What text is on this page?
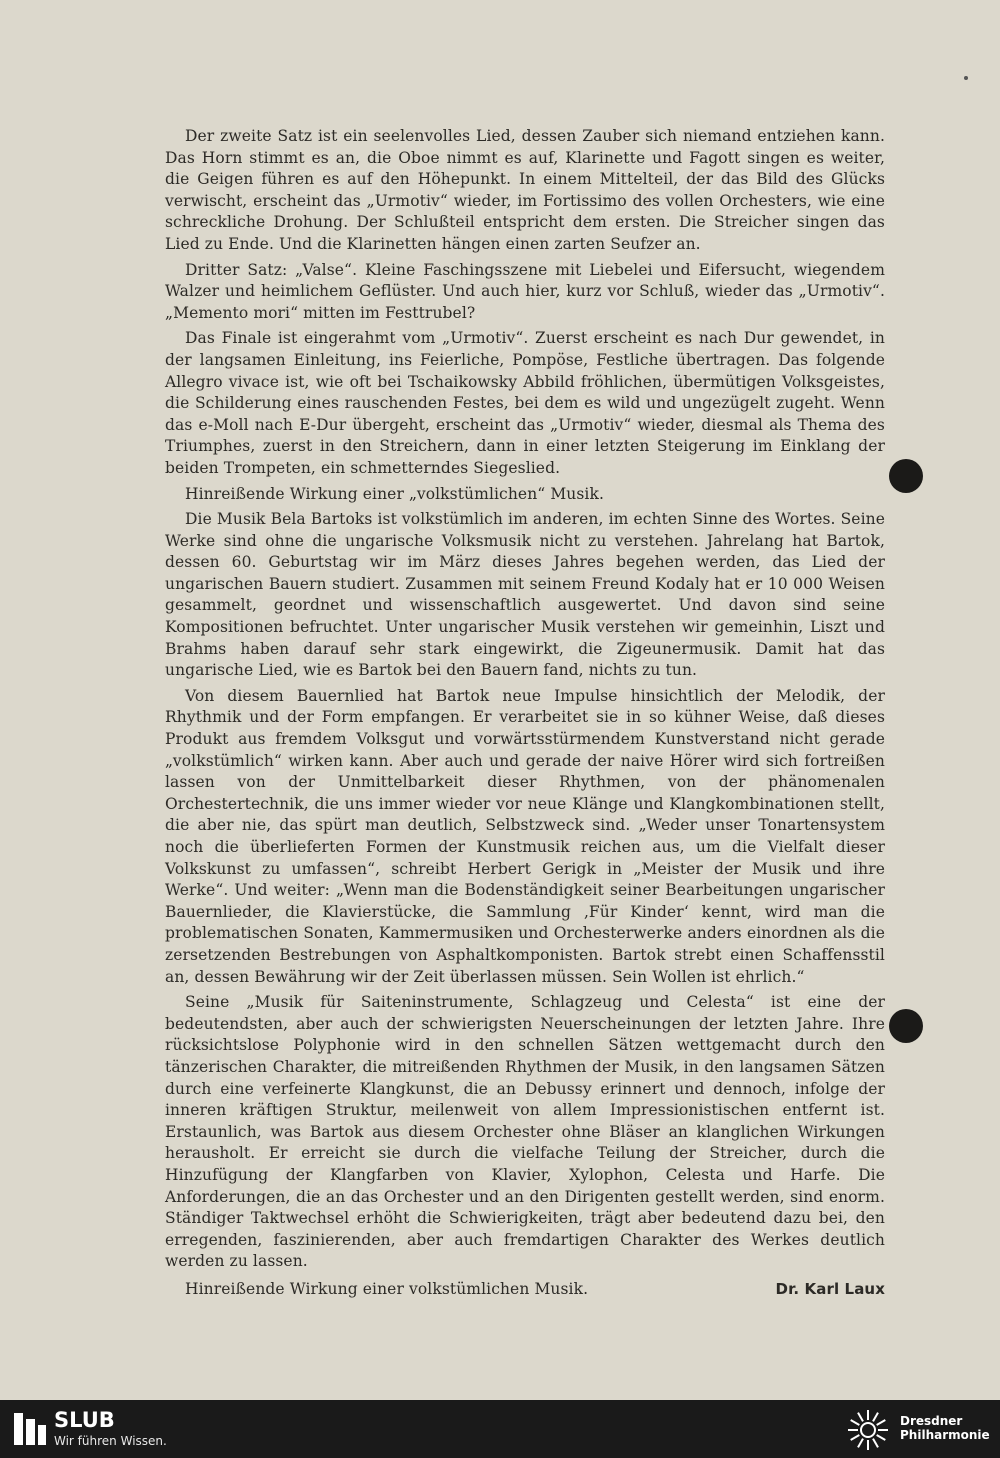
Der zweite Satz ist ein seelenvolles Lied, dessen Zauber sich niemand entziehen kann. Das Horn stimmt es an, die Oboe nimmt es auf, Klarinette und Fagott singen es weiter, die Geigen führen es auf den Höhepunkt. In einem Mittelteil, der das Bild des Glücks verwischt, erscheint das „Urmotiv“ wieder, im Fortissimo des vollen Orchesters, wie eine schreckliche Drohung. Der Schlußteil entspricht dem ersten. Die Streicher singen das Lied zu Ende. Und die Klarinetten hängen einen zarten Seufzer an.

Dritter Satz: „Valse“. Kleine Faschingsszene mit Liebelei und Eifersucht, wiegendem Walzer und heimlichem Geflüster. Und auch hier, kurz vor Schluß, wieder das „Urmotiv“. „Memento mori“ mitten im Festtrubel?

Das Finale ist eingerahmt vom „Urmotiv“. Zuerst erscheint es nach Dur gewendet, in der langsamen Einleitung, ins Feierliche, Pompöse, Festliche übertragen. Das folgende Allegro vivace ist, wie oft bei Tschaikowsky Abbild fröhlichen, übermütigen Volksgeistes, die Schilderung eines rauschenden Festes, bei dem es wild und ungezügelt zugeht. Wenn das e-Moll nach E-Dur übergeht, erscheint das „Urmotiv“ wieder, diesmal als Thema des Triumphes, zuerst in den Streichern, dann in einer letzten Steigerung im Einklang der beiden Trompeten, ein schmetterndes Siegeslied.

Hinreißende Wirkung einer „volkstümlichen“ Musik.

Die Musik Bela Bartoks ist volkstümlich im anderen, im echten Sinne des Wortes. Seine Werke sind ohne die ungarische Volksmusik nicht zu verstehen. Jahrelang hat Bartok, dessen 60. Geburtstag wir im März dieses Jahres begehen werden, das Lied der ungarischen Bauern studiert. Zusammen mit seinem Freund Kodaly hat er 10 000 Weisen gesammelt, geordnet und wissenschaftlich ausgewertet. Und davon sind seine Kompositionen befruchtet. Unter ungarischer Musik verstehen wir gemeinhin, Liszt und Brahms haben darauf sehr stark eingewirkt, die Zigeunermusik. Damit hat das ungarische Lied, wie es Bartok bei den Bauern fand, nichts zu tun.

Von diesem Bauernlied hat Bartok neue Impulse hinsichtlich der Melodik, der Rhythmik und der Form empfangen. Er verarbeitet sie in so kühner Weise, daß dieses Produkt aus fremdem Volksgut und vorwärtsstürmendem Kunstverstand nicht gerade „volkstümlich“ wirken kann. Aber auch und gerade der naive Hörer wird sich fortreißen lassen von der Unmittelbarkeit dieser Rhythmen, von der phänomenalen Orchestertechnik, die uns immer wieder vor neue Klänge und Klangkombinationen stellt, die aber nie, das spürt man deutlich, Selbstzweck sind. „Weder unser Tonartensystem noch die überlieferten Formen der Kunstmusik reichen aus, um die Vielfalt dieser Volkskunst zu umfassen“, schreibt Herbert Gerigk in „Meister der Musik und ihre Werke“. Und weiter: „Wenn man die Bodenständigkeit seiner Bearbeitungen ungarischer Bauernlieder, die Klavierstücke, die Sammlung ‚Für Kinder‘ kennt, wird man die problematischen Sonaten, Kammermusiken und Orchesterwerke anders einordnen als die zersetzenden Bestrebungen von Asphaltkomponisten. Bartok strebt einen Schaffensstil an, dessen Bewährung wir der Zeit überlassen müssen. Sein Wollen ist ehrlich.“

Seine „Musik für Saiteninstrumente, Schlagzeug und Celesta“ ist eine der bedeutendsten, aber auch der schwierigsten Neuerscheinungen der letzten Jahre. Ihre rücksichtslose Polyphonie wird in den schnellen Sätzen wettgemacht durch den tänzerischen Charakter, die mitreißenden Rhythmen der Musik, in den langsamen Sätzen durch eine verfeinerte Klangkunst, die an Debussy erinnert und dennoch, infolge der inneren kräftigen Struktur, meilenweit von allem Impressionistischen entfernt ist. Erstaunlich, was Bartok aus diesem Orchester ohne Bläser an klanglichen Wirkungen herausholt. Er erreicht sie durch die vielfache Teilung der Streicher, durch die Hinzufügung der Klangfarben von Klavier, Xylophon, Celesta und Harfe. Die Anforderungen, die an das Orchester und an den Dirigenten gestellt werden, sind enorm. Ständiger Taktwechsel erhöht die Schwierigkeiten, trägt aber bedeutend dazu bei, den erregenden, faszinierenden, aber auch fremdartigen Charakter des Werkes deutlich werden zu lassen.

Hinreißende Wirkung einer volkstümlichen Musik.	Dr. Karl Laux
SLUB
Wir führen Wissen.
Dresdner
Philharmonie
